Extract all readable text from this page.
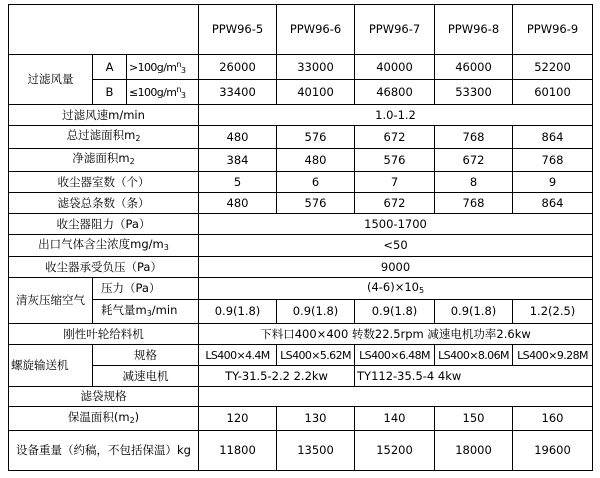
			PPW96-5	PPW96-6	PPW96-7	PPW96-8	PPW96-9
过滤风量	A	$>100g/m^n_3$	26000	33000	40000	46000	52200
	B	$\le 100g/m^n_3$	33400	40100	46800	53300	60100
过滤风速m/min			1.0-1.2				
总过滤面积$m_2$			480	576	672	768	864
净滤面积$m_2$			384	480	576	672	768
收尘器室数（个）			5	6	7	8	9
滤袋总条数（条）			480	576	672	768	864
收尘器阻力（Pa）			1500-1700				
出口气体含尘浓度$mg/m_3$			<50				
收尘器承受负压（Pa）			9000				
清灰压缩空气	压力（Pa）		$(4-6)\times 10_5$
	耗气量$m_3/\min$		0.9(1.8)	0.9(1.8)	0.9(1.8)	0.9(1.8)	1.2(2.5)
刚性叶轮给料机			下料口400×400 转数22.5rpm 减速电机功率2.6kw				
螺旋输送机	规格		LS400×4.4M	LS400×5.62M	LS400×6.48M	LS400×8.06M	LS400×9.28M
	减速电机		TY-31.5-2.2 2.2kw		TY112-35.5-4 4kw		
滤袋规格							
保温面积$(m_2)$			120	130	140	150	160
设备重量（约稿，不包括保温）kg			11800	13500	15200	18000	19600
